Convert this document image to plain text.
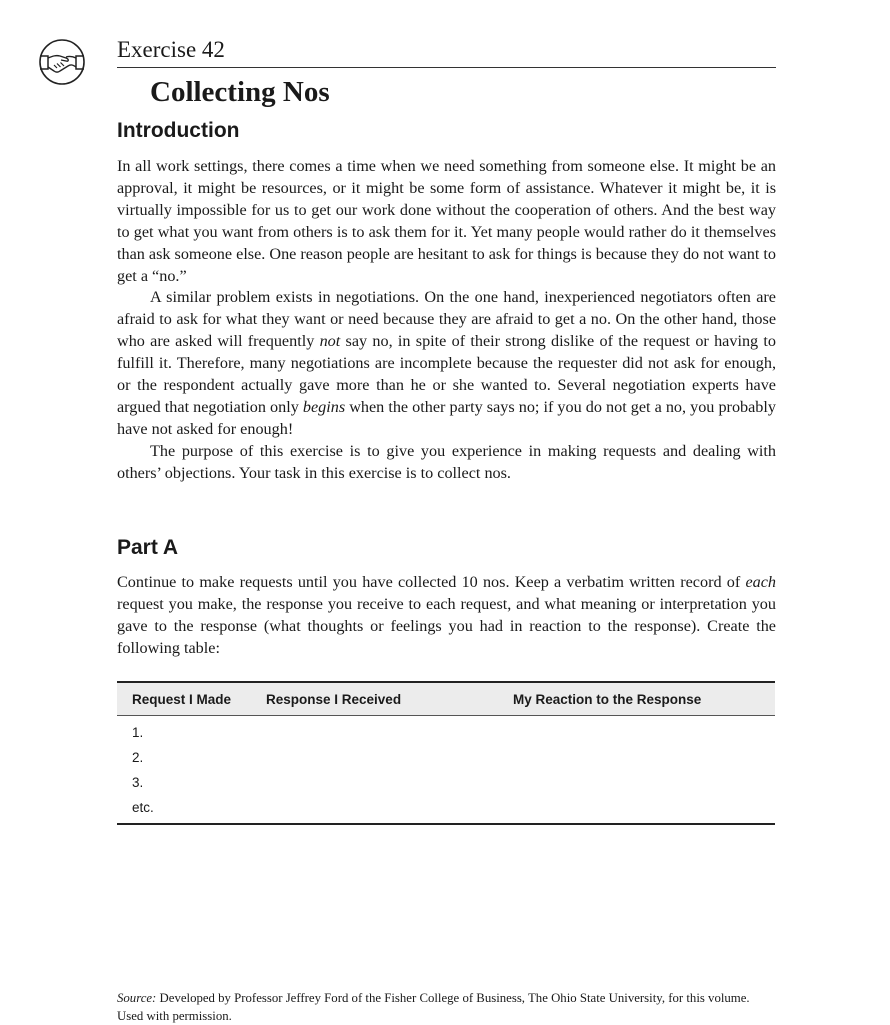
Exercise 42
Collecting Nos
Introduction

In all work settings, there comes a time when we need something from someone else. It might be an approval, it might be resources, or it might be some form of assistance. Whatever it might be, it is virtually impossible for us to get our work done without the cooperation of others. And the best way to get what you want from others is to ask them for it. Yet many people would rather do it themselves than ask someone else. One reason people are hesitant to ask for things is because they do not want to get a “no.”

A similar problem exists in negotiations. On the one hand, inexperienced negotiators often are afraid to ask for what they want or need because they are afraid to get a no. On the other hand, those who are asked will frequently not say no, in spite of their strong dislike of the request or having to fulfill it. Therefore, many negotiations are incomplete because the requester did not ask for enough, or the respondent actually gave more than he or she wanted to. Several negotiation experts have argued that negotiation only begins when the other party says no; if you do not get a no, you probably have not asked for enough!

The purpose of this exercise is to give you experience in making requests and dealing with others’ objections. Your task in this exercise is to collect nos.

Part A

Continue to make requests until you have collected 10 nos. Keep a verbatim written record of each request you make, the response you receive to each request, and what meaning or interpretation you gave to the response (what thoughts or feelings you had in reaction to the response). Create the following table:

Request I Made	Response I Received	My Reaction to the Response
1.		
2.		
3.		
etc.		

Source: Developed by Professor Jeffrey Ford of the Fisher College of Business, The Ohio State University, for this volume. Used with permission.
